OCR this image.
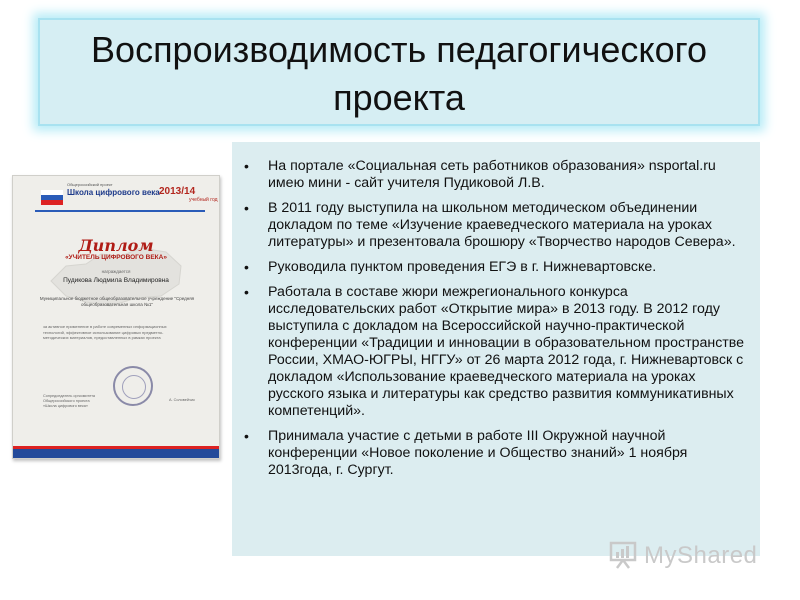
Воспроизводимость педагогического
проекта
Общероссийский проект
Школа цифрового века 2013/14
учебный год
Диплом
«УЧИТЕЛЬ ЦИФРОВОГО ВЕКА»
награждается
Пудикова Людмила Владимировна
Муниципальное бюджетное общеобразовательное учреждение "Средняя общеобразовательная школа №1"
за активное применение в работе современных информационных технологий, эффективное использование цифровых предметно-методических материалов, предоставленных в рамках проекта
Сопредседатель оргкомитета Общероссийского проекта «Школа цифрового века»
А. Соловейчик
• На портале «Социальная сеть работников образования» nsportal.ru имею мини - сайт учителя Пудиковой Л.В.
• В 2011 году выступила на школьном методическом объединении докладом по теме «Изучение краеведческого материала на уроках литературы» и презентовала брошюру «Творчество народов Севера».
• Руководила пунктом проведения ЕГЭ в г. Нижневартовске.
• Работала в составе жюри межрегионального конкурса исследовательских работ «Открытие мира» в 2013 году. В 2012 году выступила с докладом на Всероссийской научно-практической конференции «Традиции и инновации в образовательном пространстве России, ХМАО-ЮГРЫ, НГГУ» от 26 марта 2012 года, г. Нижневартовск с докладом «Использование краеведческого материала на уроках русского языка и литературы как средство развития коммуникативных компетенций».
• Принимала участие с детьми в работе III Окружной научной конференции «Новое поколение и Общество знаний» 1 ноября 2013года, г. Сургут.
MyShared
